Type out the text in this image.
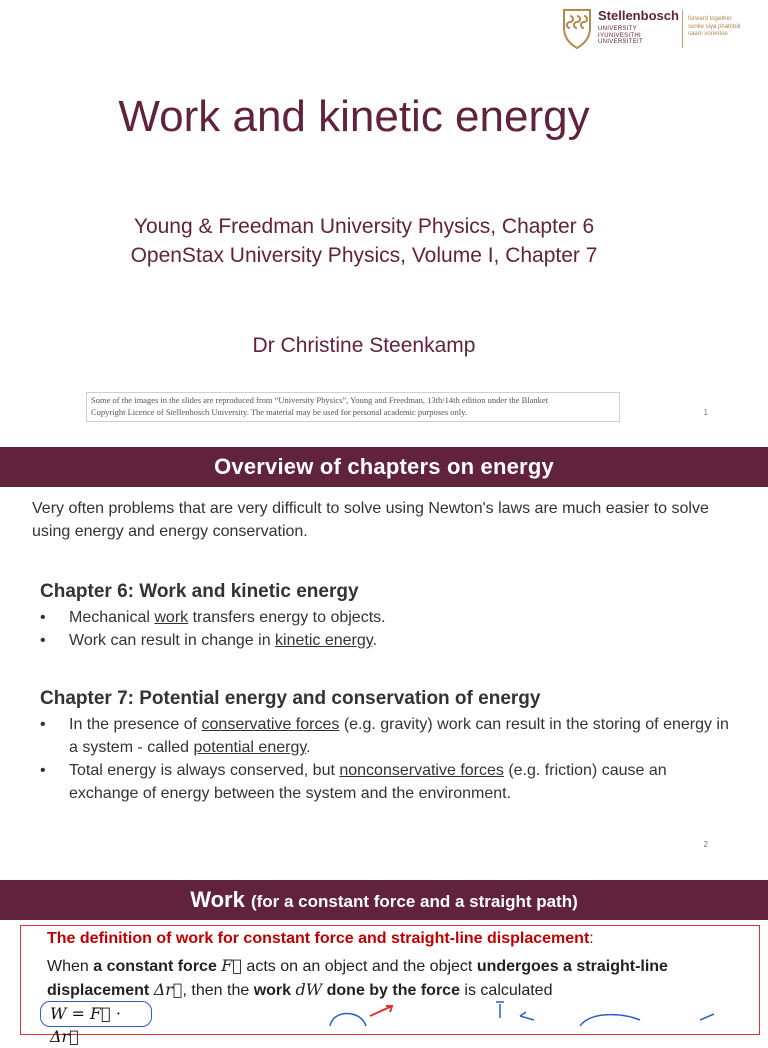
Stellenbosch
UNIVERSITY
IYUNIVESITHI
UNIVERSITEIT
forward together
sonke siya phambili
saam vorentoe
Work and kinetic energy
Young & Freedman University Physics, Chapter 6
OpenStax University Physics, Volume I, Chapter 7
Dr Christine Steenkamp
Some of the images in the slides are reproduced from “University Physics”, Young and Freedman, 13th/14th edition under the Blanket
Copyright Licence of Stellenbosch University. The material may be used for personal academic purposes only.	1
Overview of chapters on energy
Very often problems that are very difficult to solve using Newton's laws are much easier to solve using energy and energy conservation.
Chapter 6: Work and kinetic energy
• Mechanical work transfers energy to objects.
• Work can result in change in kinetic energy.
Chapter 7: Potential energy and conservation of energy
• In the presence of conservative forces (e.g. gravity) work can result in the storing of energy in a system - called potential energy.
• Total energy is always conserved, but nonconservative forces (e.g. friction) cause an exchange of energy between the system and the environment.
2
Work (for a constant force and a straight path)
The definition of work for constant force and straight-line displacement:
When a constant force F⃗ acts on an object and the object undergoes a straight-line displacement Δr⃗, then the work dW done by the force is calculated
W = F⃗ · Δr⃗
